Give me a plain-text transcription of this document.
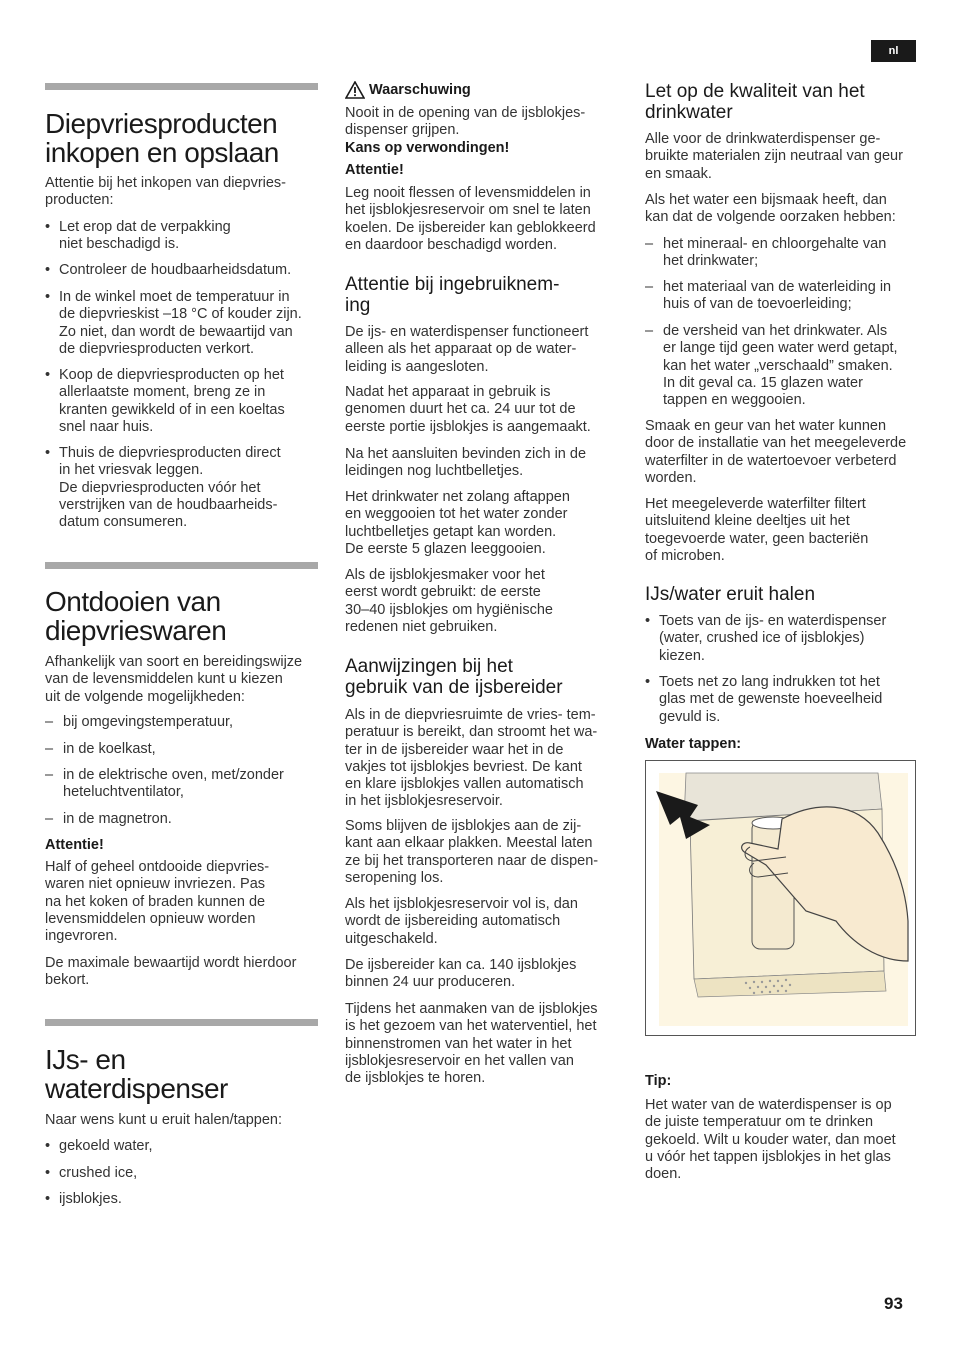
nl
Diepvriesproducten
inkopen en opslaan

Attentie bij het inkopen van diepvries-
producten:

• Let erop dat de verpakking
niet beschadigd is.
• Controleer de houdbaarheidsdatum.
• In de winkel moet de temperatuur in
de diepvrieskist –18 °C of kouder zijn.
Zo niet, dan wordt de bewaartijd van
de diepvriesproducten verkort.
• Koop de diepvriesproducten op het
allerlaatste moment, breng ze in
kranten gewikkeld of in een koeltas
snel naar huis.
• Thuis de diepvriesproducten direct
in het vriesvak leggen.
De diepvriesproducten vóór het
verstrijken van de houdbaarheids-
datum consumeren.
Ontdooien van
diepvrieswaren

Afhankelijk van soort en bereidingswijze
van de levensmiddelen kunt u kiezen
uit de volgende mogelijkheden:

– bij omgevingstemperatuur,
– in de koelkast,
– in de elektrische oven, met/zonder
heteluchtventilator,
– in de magnetron.

Attentie!

Half of geheel ontdooide diepvries-
waren niet opnieuw invriezen. Pas
na het koken of braden kunnen de
levensmiddelen opnieuw worden
ingevroren.

De maximale bewaartijd wordt hierdoor
bekort.

IJs- en
waterdispenser

Naar wens kunt u eruit halen/tappen:

• gekoeld water,
• crushed ice,
• ijsblokjes.
Waarschuwing

Nooit in de opening van de ijsblokjes-
dispenser grijpen.

Kans op verwondingen!

Attentie!

Leg nooit flessen of levensmiddelen in
het ijsblokjesreservoir om snel te laten
koelen. De ijsbereider kan geblokkeerd
en daardoor beschadigd worden.

Attentie bij ingebruiknem-
ing

De ijs- en waterdispenser functioneert
alleen als het apparaat op de water-
leiding is aangesloten.

Nadat het apparaat in gebruik is
genomen duurt het ca. 24 uur tot de
eerste portie ijsblokjes is aangemaakt.

Na het aansluiten bevinden zich in de
leidingen nog luchtbelletjes.

Het drinkwater net zolang aftappen
en weggooien tot het water zonder
luchtbelletjes getapt kan worden.
De eerste 5 glazen leeggooien.

Als de ijsblokjesmaker voor het
eerst wordt gebruikt: de eerste
30–40 ijsblokjes om hygiënische
redenen niet gebruiken.

Aanwijzingen bij het
gebruik van de ijsbereider

Als in de diepvriesruimte de vries- tem-
peratuur is bereikt, dan stroomt het wa-
ter in de ijsbereider waar het in de
vakjes tot ijsblokjes bevriest. De kant
en klare ijsblokjes vallen automatisch
in het ijsblokjesreservoir.

Soms blijven de ijsblokjes aan de zij-
kant aan elkaar plakken. Meestal laten
ze bij het transporteren naar de dispen-
seropening los.

Als het ijsblokjesreservoir vol is, dan
wordt de ijsbereiding automatisch
uitgeschakeld.

De ijsbereider kan ca. 140 ijsblokjes
binnen 24 uur produceren.

Tijdens het aanmaken van de ijsblokjes
is het gezoem van het waterventiel, het
binnenstromen van het water in het
ijsblokjesreservoir en het vallen van
de ijsblokjes te horen.

Let op de kwaliteit van het
drinkwater

Alle voor de drinkwaterdispenser ge-
bruikte materialen zijn neutraal van geur
en smaak.

Als het water een bijsmaak heeft, dan
kan dat de volgende oorzaken hebben:

– het mineraal- en chloorgehalte van
het drinkwater;
– het materiaal van de waterleiding in
huis of van de toevoerleiding;
– de versheid van het drinkwater. Als
er lange tijd geen water werd getapt,
kan het water „verschaald” smaken.
In dit geval ca. 15 glazen water
tappen en weggooien.

Smaak en geur van het water kunnen
door de installatie van het meegeleverde
waterfilter in de watertoevoer verbeterd
worden.

Het meegeleverde waterfilter filtert
uitsluitend kleine deeltjes uit het
toegevoerde water, geen bacteriën
of microben.

IJs/water eruit halen
• Toets van de ijs- en waterdispenser
(water, crushed ice of ijsblokjes)
kiezen.
• Toets net zo lang indrukken tot het
glas met de gewenste hoeveelheid
gevuld is.

Water tappen:

Tip:

Het water van de waterdispenser is op
de juiste temperatuur om te drinken
gekoeld. Wilt u kouder water, dan moet
u vóór het tappen ijsblokjes in het glas
doen.

93
